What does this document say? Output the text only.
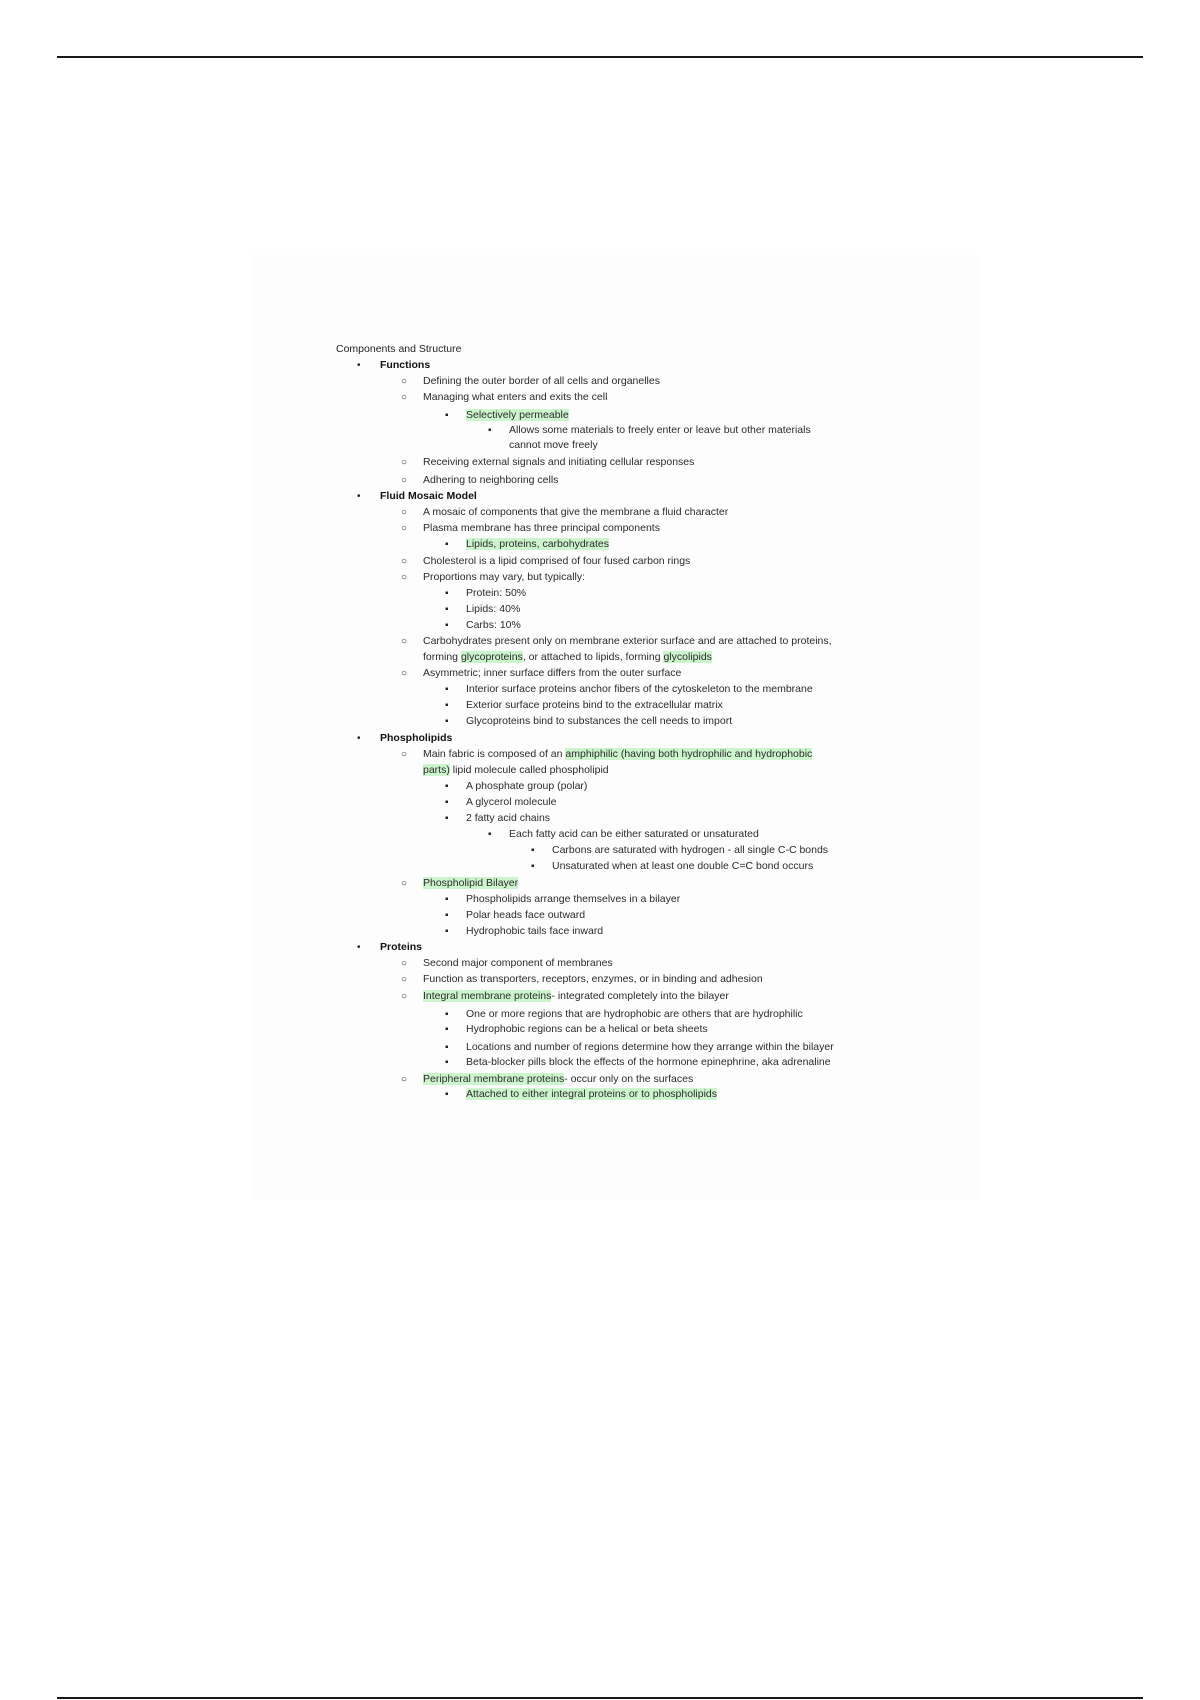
Components and Structure
• Functions
○ Defining the outer border of all cells and organelles
○ Managing what enters and exits the cell
▪ Selectively permeable
▪ Allows some materials to freely enter or leave but other materials
cannot move freely
○ Receiving external signals and initiating cellular responses
○ Adhering to neighboring cells
• Fluid Mosaic Model
○ A mosaic of components that give the membrane a fluid character
○ Plasma membrane has three principal components
▪ Lipids, proteins, carbohydrates
○ Cholesterol is a lipid comprised of four fused carbon rings
○ Proportions may vary, but typically:
▪ Protein: 50%
▪ Lipids: 40%
▪ Carbs: 10%
○ Carbohydrates present only on membrane exterior surface and are attached to proteins,
forming glycoproteins, or attached to lipids, forming glycolipids
○ Asymmetric; inner surface differs from the outer surface
▪ Interior surface proteins anchor fibers of the cytoskeleton to the membrane
▪ Exterior surface proteins bind to the extracellular matrix
▪ Glycoproteins bind to substances the cell needs to import
• Phospholipids
○ Main fabric is composed of an amphiphilic (having both hydrophilic and hydrophobic
parts) lipid molecule called phospholipid
▪ A phosphate group (polar)
▪ A glycerol molecule
▪ 2 fatty acid chains
▪ Each fatty acid can be either saturated or unsaturated
▪ Carbons are saturated with hydrogen - all single C-C bonds
▪ Unsaturated when at least one double C=C bond occurs
○ Phospholipid Bilayer
▪ Phospholipids arrange themselves in a bilayer
▪ Polar heads face outward
▪ Hydrophobic tails face inward
• Proteins
○ Second major component of membranes
○ Function as transporters, receptors, enzymes, or in binding and adhesion
○ Integral membrane proteins- integrated completely into the bilayer
▪ One or more regions that are hydrophobic are others that are hydrophilic
▪ Hydrophobic regions can be a helical or beta sheets
▪ Locations and number of regions determine how they arrange within the bilayer
▪ Beta-blocker pills block the effects of the hormone epinephrine, aka adrenaline
○ Peripheral membrane proteins- occur only on the surfaces
▪ Attached to either integral proteins or to phospholipids
